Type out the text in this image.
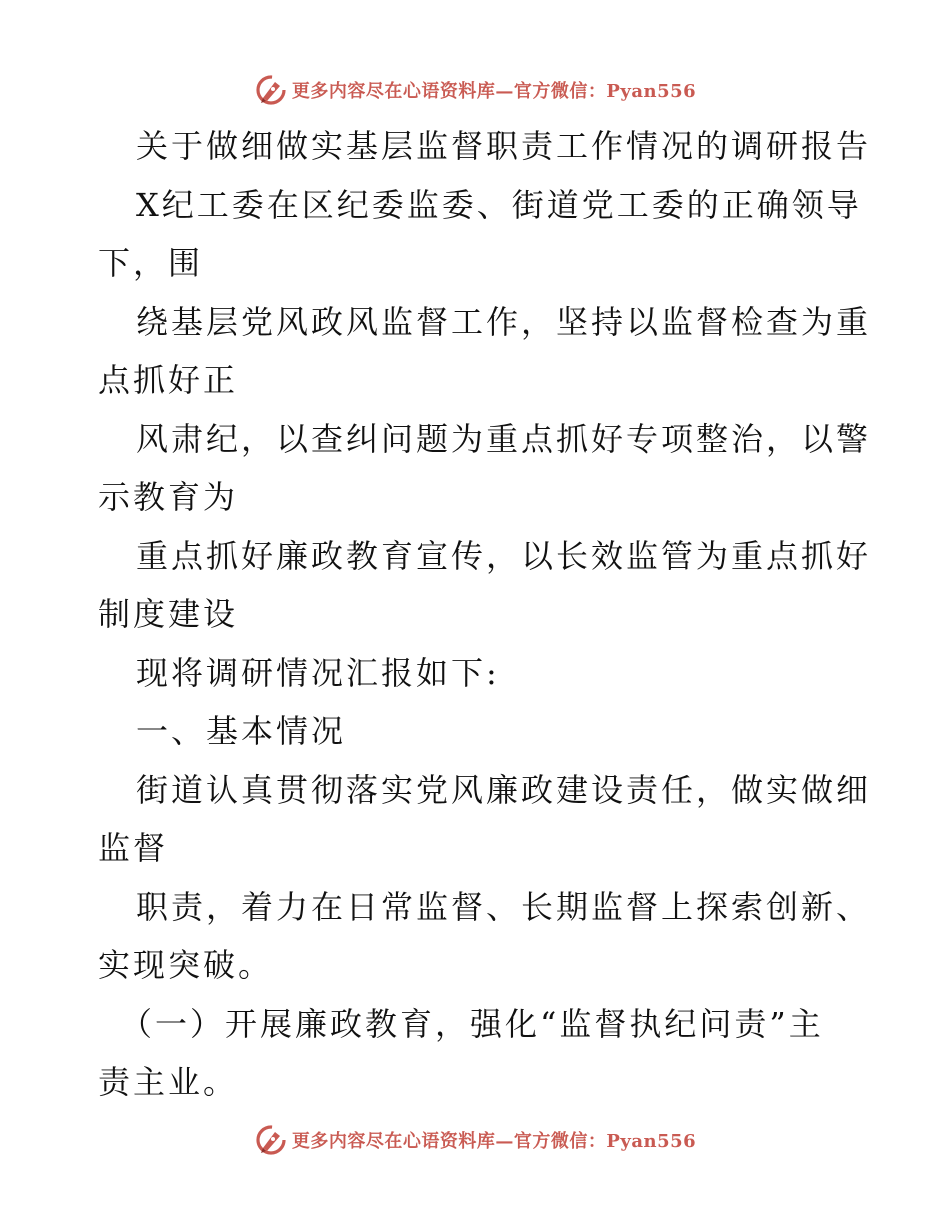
更多内容尽在心语资料库—官方微信：Pyan556
关于做细做实基层监督职责工作情况的调研报告
X纪工委在区纪委监委、街道党工委的正确领导
下，围
绕基层党风政风监督工作，坚持以监督检查为重
点抓好正
风肃纪，以查纠问题为重点抓好专项整治，以警
示教育为
重点抓好廉政教育宣传，以长效监管为重点抓好
制度建设
现将调研情况汇报如下:
一、基本情况
街道认真贯彻落实党风廉政建设责任，做实做细
监督
职责，着力在日常监督、长期监督上探索创新、
实现突破。
（一）开展廉政教育，强化“监督执纪问责”主
责主业。
更多内容尽在心语资料库—官方微信：Pyan556
